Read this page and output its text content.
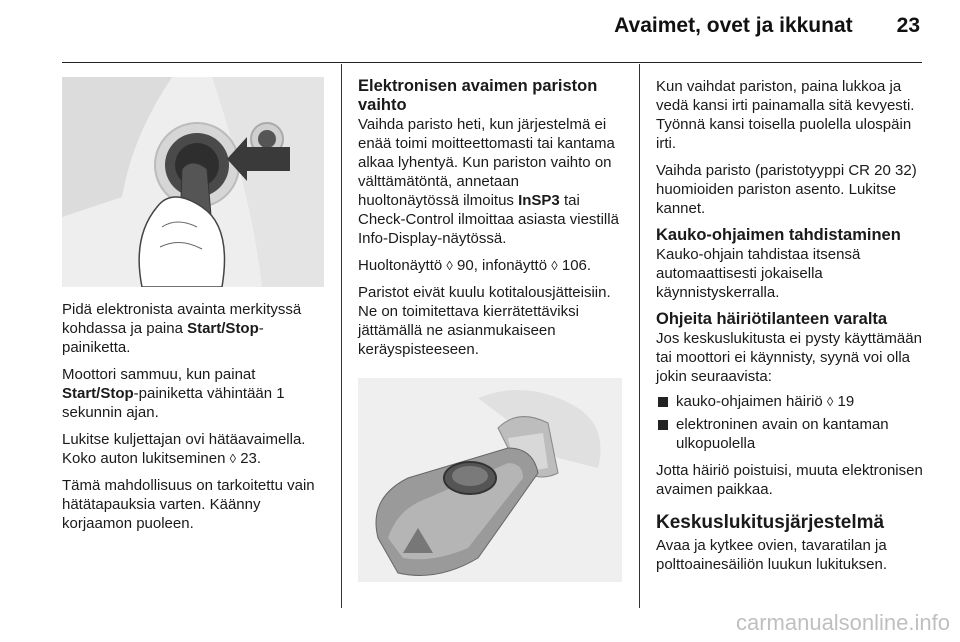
Avaimet, ovet ja ikkunat 23

Pidä elektronista avainta merkityssä kohdassa ja paina Start/Stop-painiketta.

Moottori sammuu, kun painat Start/Stop-painiketta vähintään 1 sekunnin ajan.

Lukitse kuljettajan ovi hätäavaimella. Koko auton lukitseminen ◊ 23.

Tämä mahdollisuus on tarkoitettu vain hätätapauksia varten. Käänny korjaamon puoleen.

Elektronisen avaimen pariston vaihto

Vaihda paristo heti, kun järjestelmä ei enää toimi moitteettomasti tai kantama alkaa lyhentyä. Kun pariston vaihto on välttämätöntä, annetaan huoltonäytössä ilmoitus InSP3 tai Check-Control ilmoittaa asiasta viestillä Info-Display-näytössä.

Huoltonäyttö ◊ 90, infonäyttö ◊ 106.

Paristot eivät kuulu kotitalousjätteisiin. Ne on toimitettava kierrätettäviksi jättämällä ne asianmukaiseen keräyspisteeseen.

Kun vaihdat pariston, paina lukkoa ja vedä kansi irti painamalla sitä kevyesti. Työnnä kansi toisella puolella ulospäin irti.

Vaihda paristo (paristotyyppi CR 20 32) huomioiden pariston asento. Lukitse kannet.

Kauko-ohjaimen tahdistaminen

Kauko-ohjain tahdistaa itsensä automaattisesti jokaisella käynnistyskerralla.

Ohjeita häiriötilanteen varalta

Jos keskuslukitusta ei pysty käyttämään tai moottori ei käynnisty, syynä voi olla jokin seuraavista:

kauko-ohjaimen häiriö ◊ 19
elektroninen avain on kantaman ulkopuolella

Jotta häiriö poistuisi, muuta elektronisen avaimen paikkaa.

Keskuslukitusjärjestelmä

Avaa ja kytkee ovien, tavaratilan ja polttoainesäiliön luukun lukituksen.

carmanualsonline.info
